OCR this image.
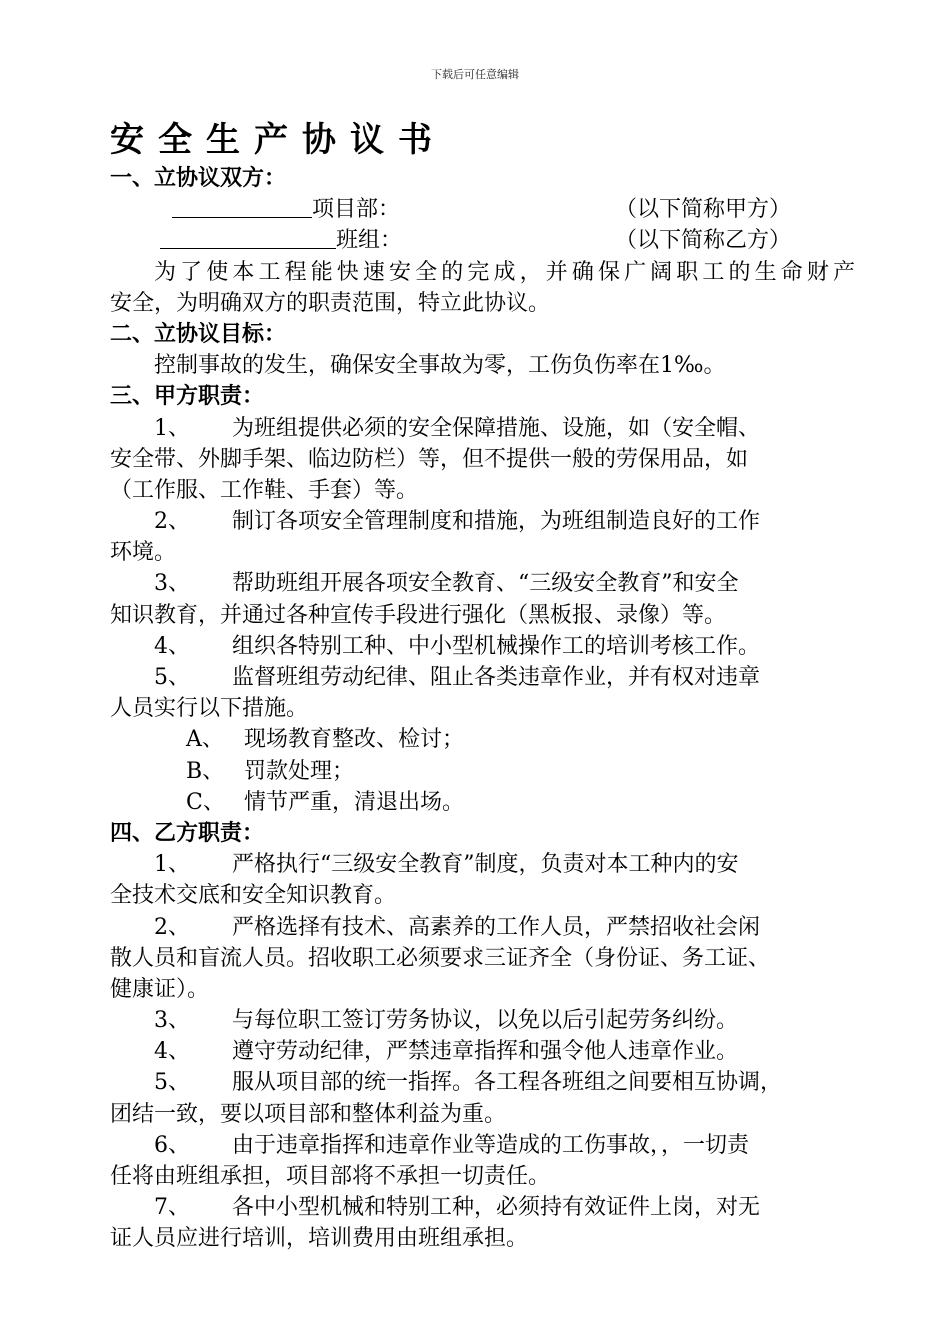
下载后可任意编辑
安全生产协议书
一、立协议双方：
项目部：	（以下简称甲方）
班组：	（以下简称乙方）
为了使本工程能快速安全的完成，并确保广阔职工的生命财产
安全，为明确双方的职责范围，特立此协议。
二、立协议目标：
控制事故的发生，确保安全事故为零，工伤负伤率在1‰。
三、甲方职责：
1、 为班组提供必须的安全保障措施、设施，如（安全帽、
安全带、外脚手架、临边防栏）等，但不提供一般的劳保用品，如
（工作服、工作鞋、手套）等。
2、 制订各项安全管理制度和措施，为班组制造良好的工作
环境。
3、 帮助班组开展各项安全教育、“三级安全教育”和安全
知识教育，并通过各种宣传手段进行强化（黑板报、录像）等。
4、 组织各特别工种、中小型机械操作工的培训考核工作。
5、 监督班组劳动纪律、阻止各类违章作业，并有权对违章
人员实行以下措施。
A、 现场教育整改、检讨；
B、 罚款处理；
C、 情节严重，清退出场。
四、乙方职责：
1、 严格执行“三级安全教育”制度，负责对本工种内的安
全技术交底和安全知识教育。
2、 严格选择有技术、高素养的工作人员，严禁招收社会闲
散人员和盲流人员。招收职工必须要求三证齐全（身份证、务工证、
健康证）。
3、 与每位职工签订劳务协议，以免以后引起劳务纠纷。
4、 遵守劳动纪律，严禁违章指挥和强令他人违章作业。
5、 服从项目部的统一指挥。各工程各班组之间要相互协调，
团结一致，要以项目部和整体利益为重。
6、 由于违章指挥和违章作业等造成的工伤事故，，一切责
任将由班组承担，项目部将不承担一切责任。
7、 各中小型机械和特别工种，必须持有效证件上岗，对无
证人员应进行培训，培训费用由班组承担。
